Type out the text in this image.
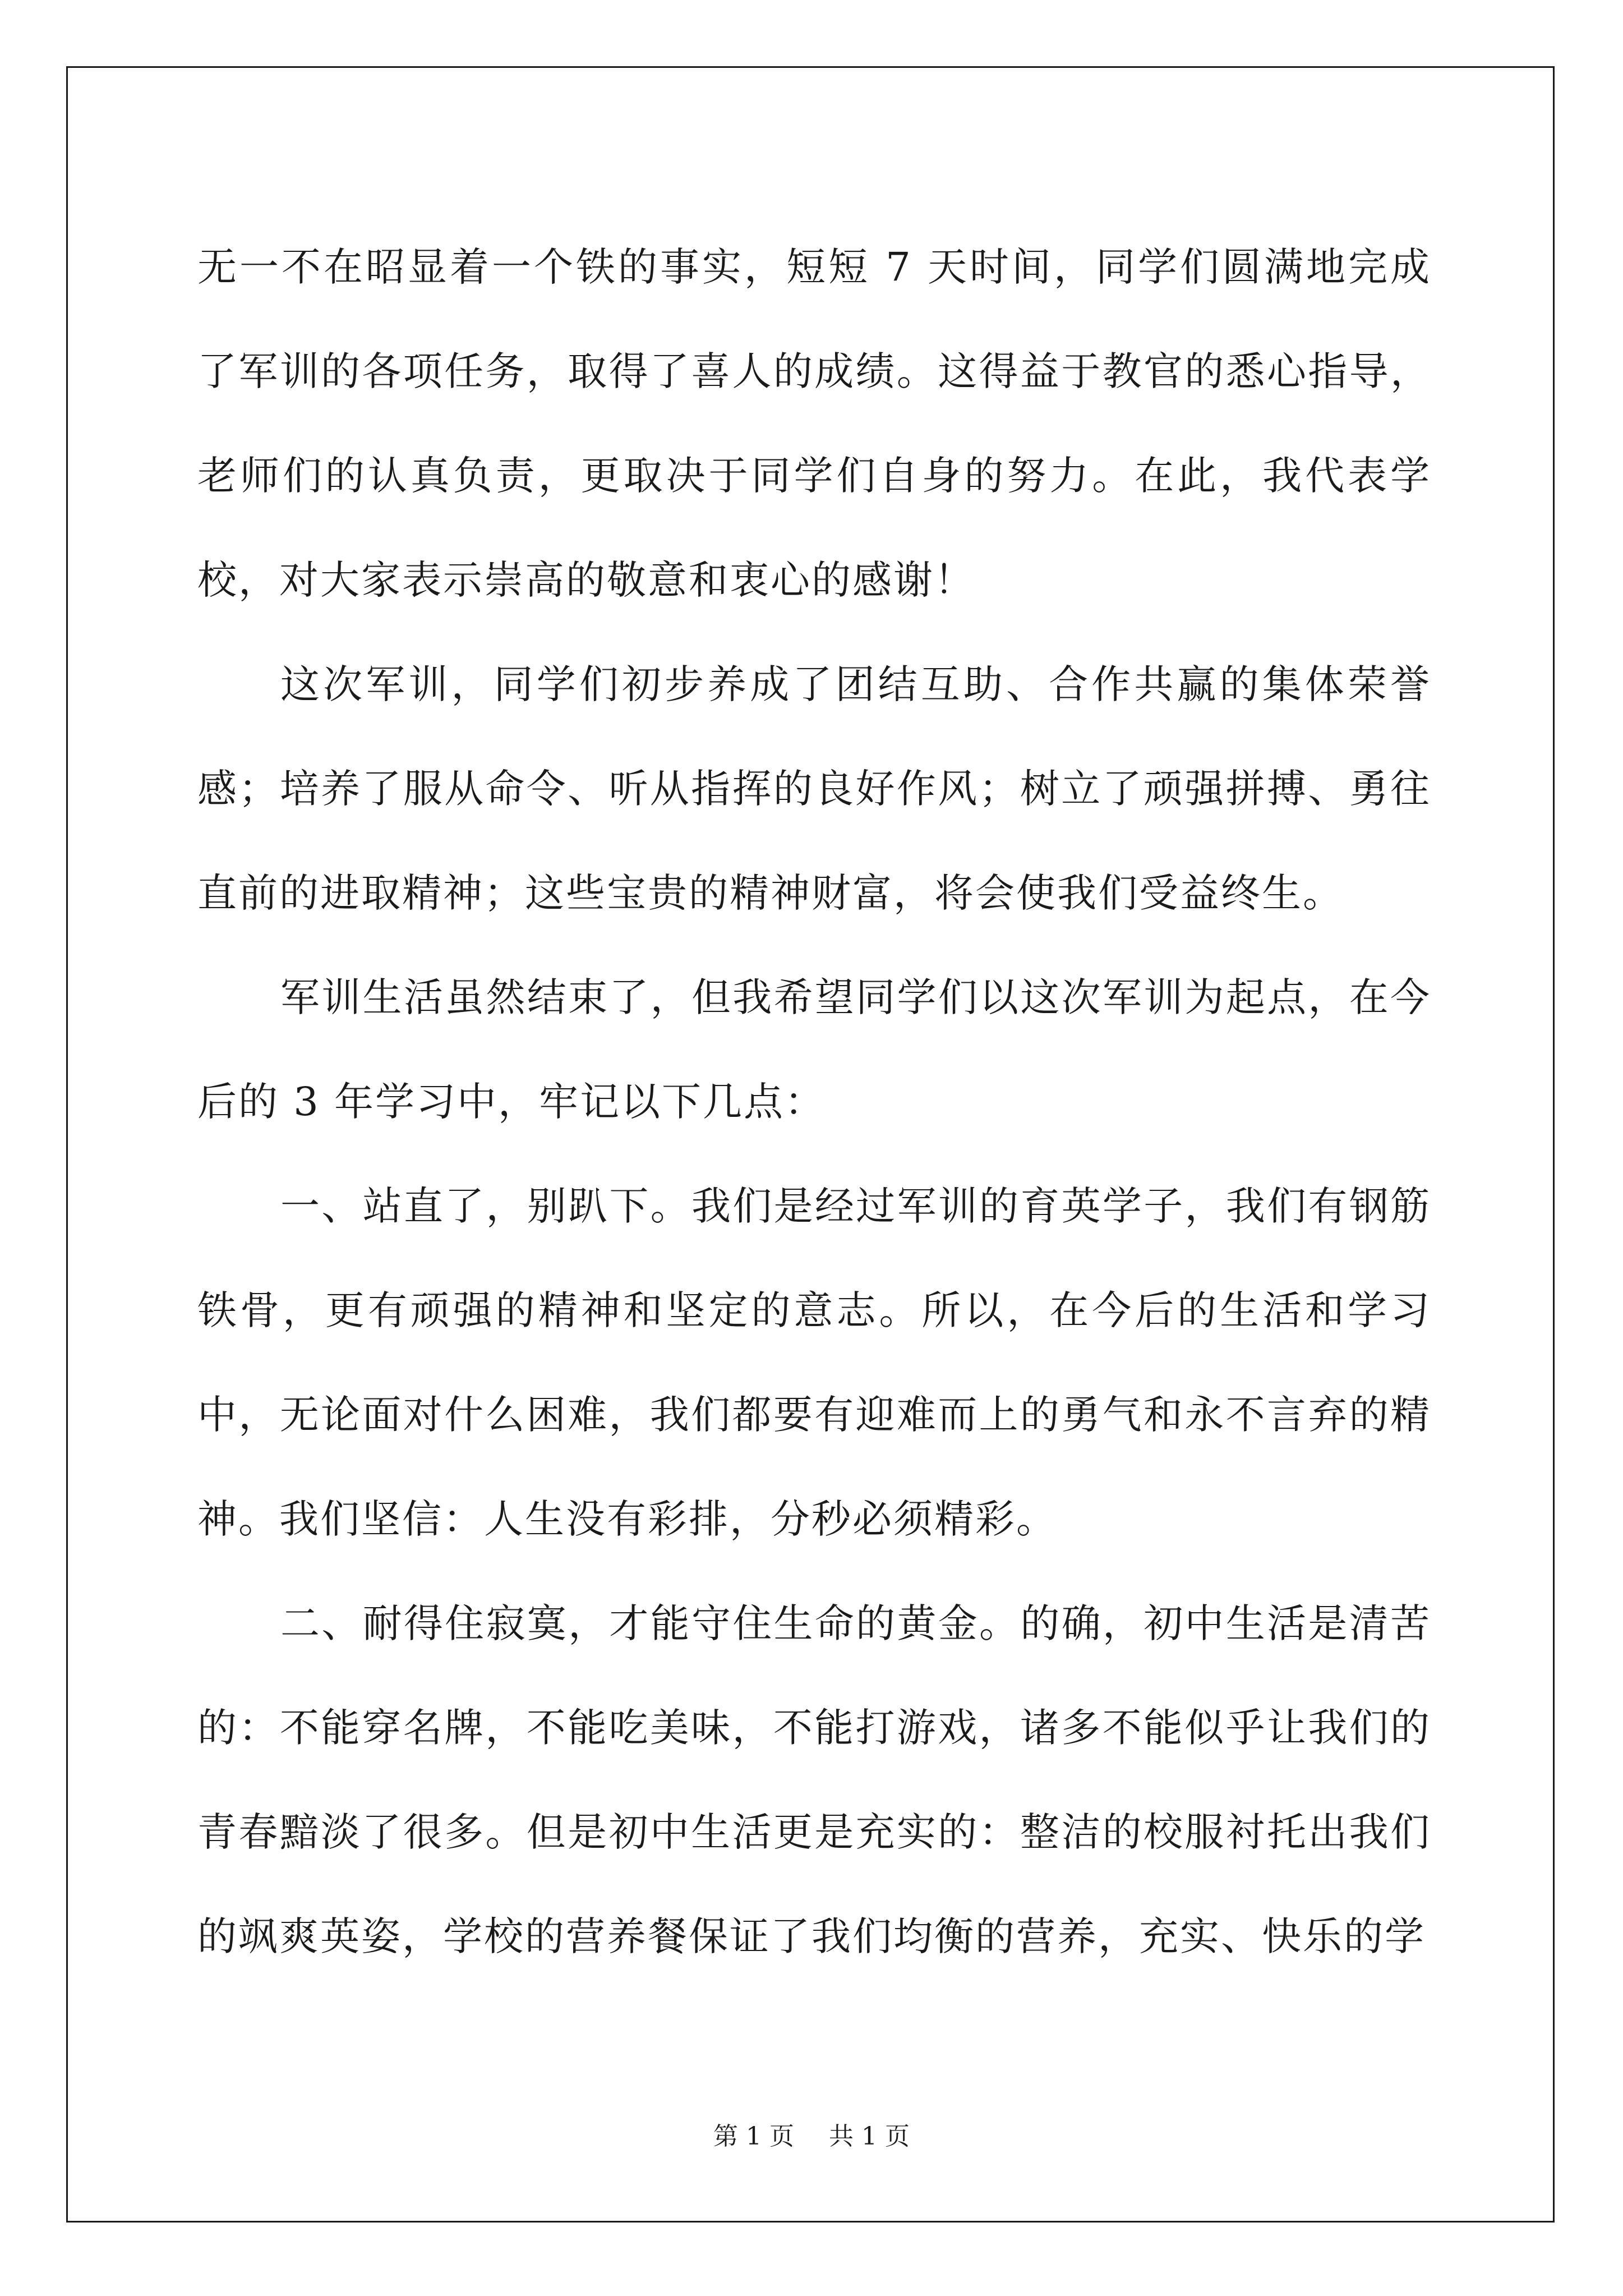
无一不在昭显着一个铁的事实，短短 7 天时间，同学们圆满地完成了军训的各项任务，取得了喜人的成绩。这得益于教官的悉心指导，老师们的认真负责，更取决于同学们自身的努力。在此，我代表学校，对大家表示崇高的敬意和衷心的感谢！

这次军训，同学们初步养成了团结互助、合作共赢的集体荣誉感；培养了服从命令、听从指挥的良好作风；树立了顽强拼搏、勇往直前的进取精神；这些宝贵的精神财富，将会使我们受益终生。

军训生活虽然结束了，但我希望同学们以这次军训为起点，在今后的 3 年学习中，牢记以下几点：

一、站直了，别趴下。我们是经过军训的育英学子，我们有钢筋铁骨，更有顽强的精神和坚定的意志。所以，在今后的生活和学习中，无论面对什么困难，我们都要有迎难而上的勇气和永不言弃的精神。我们坚信：人生没有彩排，分秒必须精彩。

二、耐得住寂寞，才能守住生命的黄金。的确，初中生活是清苦的：不能穿名牌，不能吃美味，不能打游戏，诸多不能似乎让我们的青春黯淡了很多。但是初中生活更是充实的：整洁的校服衬托出我们的飒爽英姿，学校的营养餐保证了我们均衡的营养，充实、快乐的学

第 1 页 共 1 页
